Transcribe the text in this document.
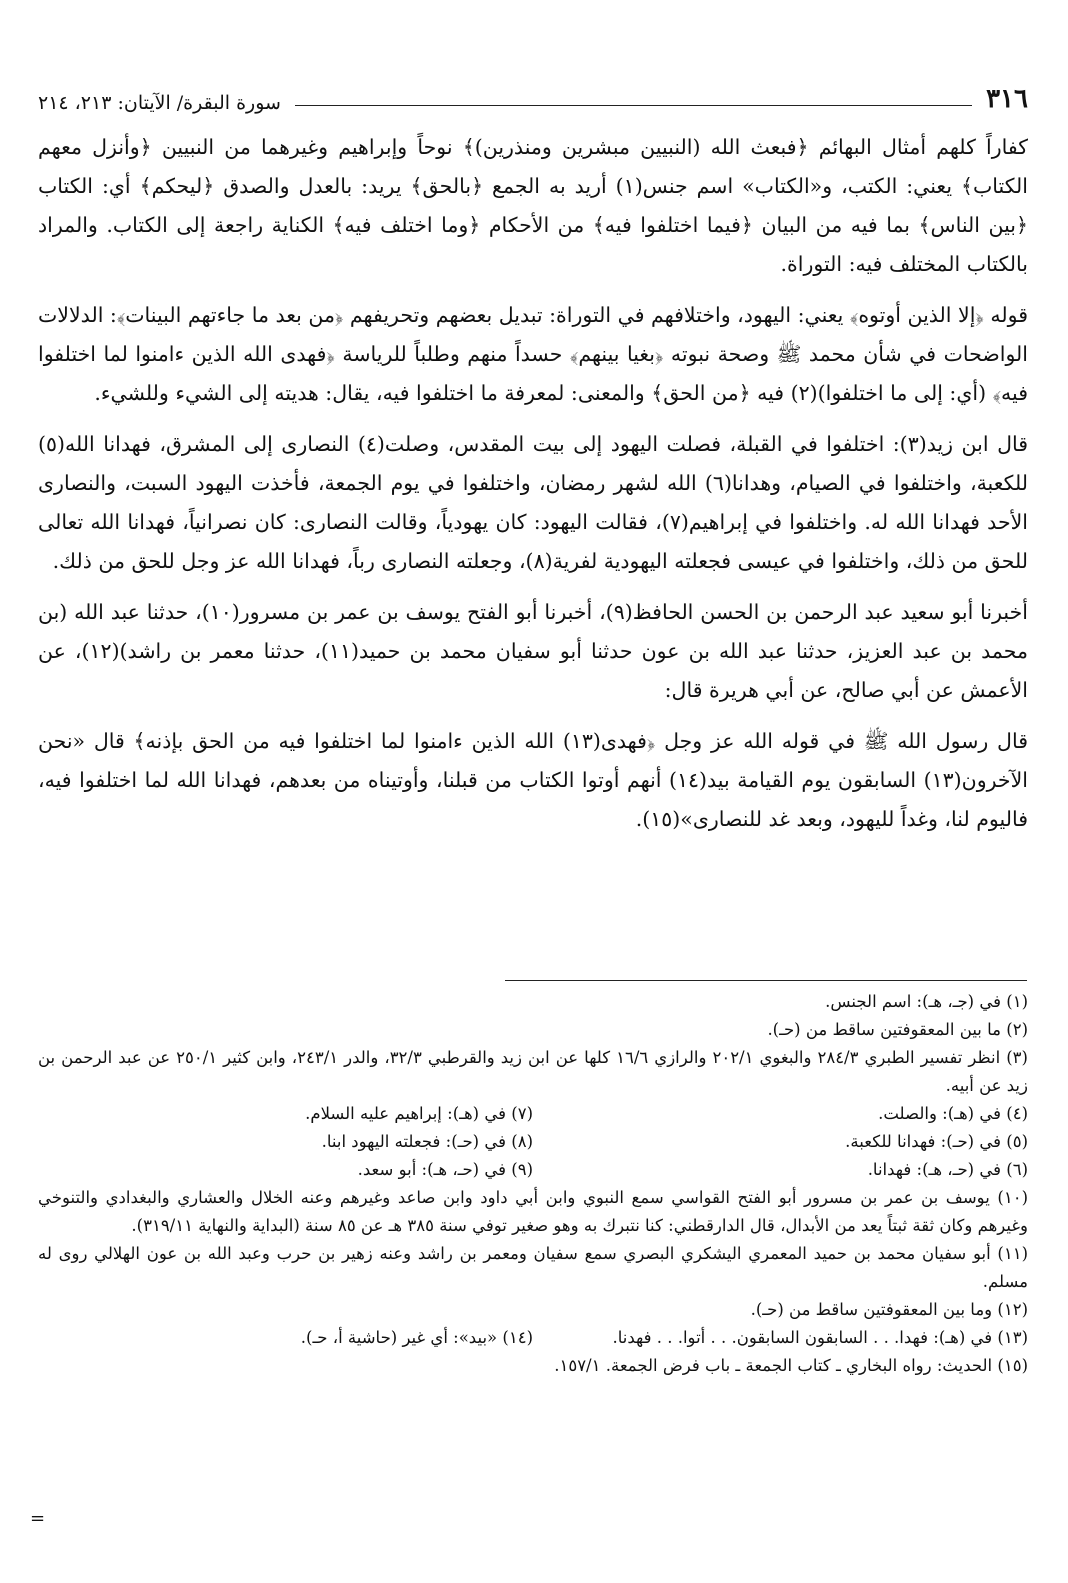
٣١٦
سورة البقرة/ الآيتان: ٢١٣، ٢١٤

كفاراً كلهم أمثال البهائم ﴿فبعث الله (النبيين مبشرين ومنذرين)﴾ نوحاً وإبراهيم وغيرهما من النبيين ﴿وأنزل معهم الكتاب﴾ يعني: الكتب، و«الكتاب» اسم جنس(١) أريد به الجمع ﴿بالحق﴾ يريد: بالعدل والصدق ﴿ليحكم﴾ أي: الكتاب ﴿بين الناس﴾ بما فيه من البيان ﴿فيما اختلفوا فيه﴾ من الأحكام ﴿وما اختلف فيه﴾ الكناية راجعة إلى الكتاب. والمراد بالكتاب المختلف فيه: التوراة.

قوله ﴿إلا الذين أوتوه﴾ يعني: اليهود، واختلافهم في التوراة: تبديل بعضهم وتحريفهم ﴿من بعد ما جاءتهم البينات﴾: الدلالات الواضحات في شأن محمد ﷺ وصحة نبوته ﴿بغيا بينهم﴾ حسداً منهم وطلباً للرياسة ﴿فهدى الله الذين ءامنوا لما اختلفوا فيه﴾ (أي: إلى ما اختلفوا)(٢) فيه ﴿من الحق﴾ والمعنى: لمعرفة ما اختلفوا فيه، يقال: هديته إلى الشيء وللشيء.

قال ابن زيد(٣): اختلفوا في القبلة، فصلت اليهود إلى بيت المقدس، وصلت(٤) النصارى إلى المشرق، فهدانا الله(٥) للكعبة، واختلفوا في الصيام، وهدانا(٦) الله لشهر رمضان، واختلفوا في يوم الجمعة، فأخذت اليهود السبت، والنصارى الأحد فهدانا الله له. واختلفوا في إبراهيم(٧)، فقالت اليهود: كان يهودياً، وقالت النصارى: كان نصرانياً، فهدانا الله تعالى للحق من ذلك، واختلفوا في عيسى فجعلته اليهودية لفرية(٨)، وجعلته النصارى رباً، فهدانا الله عز وجل للحق من ذلك.

أخبرنا أبو سعيد عبد الرحمن بن الحسن الحافظ(٩)، أخبرنا أبو الفتح يوسف بن عمر بن مسرور(١٠)، حدثنا عبد الله (بن محمد بن عبد العزيز، حدثنا عبد الله بن عون حدثنا أبو سفيان محمد بن حميد(١١)، حدثنا معمر بن راشد)(١٢)، عن الأعمش عن أبي صالح، عن أبي هريرة قال:

قال رسول الله ﷺ في قوله الله عز وجل ﴿فهدى(١٣) الله الذين ءامنوا لما اختلفوا فيه من الحق بإذنه﴾ قال «نحن الآخرون(١٣) السابقون يوم القيامة بيد(١٤) أنهم أوتوا الكتاب من قبلنا، وأوتيناه من بعدهم، فهدانا الله لما اختلفوا فيه، فاليوم لنا، وغداً لليهود، وبعد غد للنصارى»(١٥).

(١) في (جـ، هـ): اسم الجنس.

(٢) ما بين المعقوفتين ساقط من (حـ).

(٣) انظر تفسير الطبري ٢٨٤/٣ والبغوي ٢٠٢/١ والرازي ١٦/٦ كلها عن ابن زيد والقرطبي ٣٢/٣، والدر ٢٤٣/١، وابن كثير ٢٥٠/١ عن عبد الرحمن بن زيد عن أبيه.

(٤) في (هـ): والصلت.

(٧) في (هـ): إبراهيم عليه السلام.

(٥) في (حـ): فهدانا للكعبة.

(٨) في (حـ): فجعلته اليهود ابنا.

(٦) في (حـ، هـ): فهدانا.

(٩) في (حـ، هـ): أبو سعد.

(١٠) يوسف بن عمر بن مسرور أبو الفتح القواسي سمع النبوي وابن أبي داود وابن صاعد وغيرهم وعنه الخلال والعشاري والبغدادي والتنوخي وغيرهم وكان ثقة ثبتاً يعد من الأبدال، قال الدارقطني: كنا نتبرك به وهو صغير توفي سنة ٣٨٥ هـ عن ٨٥ سنة (البداية والنهاية ٣١٩/١١).

(١١) أبو سفيان محمد بن حميد المعمري اليشكري البصري سمع سفيان ومعمر بن راشد وعنه زهير بن حرب وعبد الله بن عون الهلالي روى له مسلم.

(١٢) وما بين المعقوفتين ساقط من (حـ).

(١٣) في (هـ): فهدا. . . السابقون السابقون. . . أتوا. . . فهدنا.

(١٤) «بيد»: أي غير (حاشية أ، حـ).

(١٥) الحديث: رواه البخاري ـ كتاب الجمعة ـ باب فرض الجمعة. ١٥٧/١.

=
